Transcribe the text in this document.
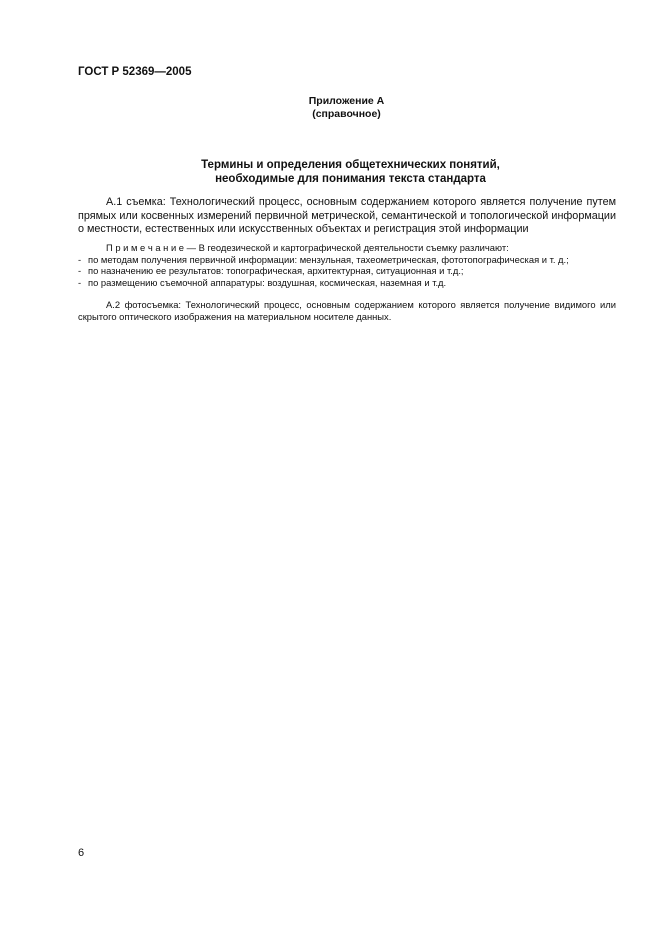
ГОСТ Р 52369—2005
Приложение А
(справочное)
Термины и определения общетехнических понятий,
необходимые для понимания текста стандарта
А.1 съемка: Технологический процесс, основным содержанием которого является получение путем прямых или косвенных измерений первичной метрической, семантической и топологической информации о местности, естественных или искусственных объектах и регистрация этой информации
П р и м е ч а н и е — В геодезической и картографической деятельности съемку различают:
- по методам получения первичной информации: мензульная, тахеометрическая, фототопографическая и т. д.;
- по назначению ее результатов: топографическая, архитектурная, ситуационная и т.д.;
- по размещению съемочной аппаратуры: воздушная, космическая, наземная и т.д.
А.2 фотосъемка: Технологический процесс, основным содержанием которого является получение видимого или скрытого оптического изображения на материальном носителе данных.
6
